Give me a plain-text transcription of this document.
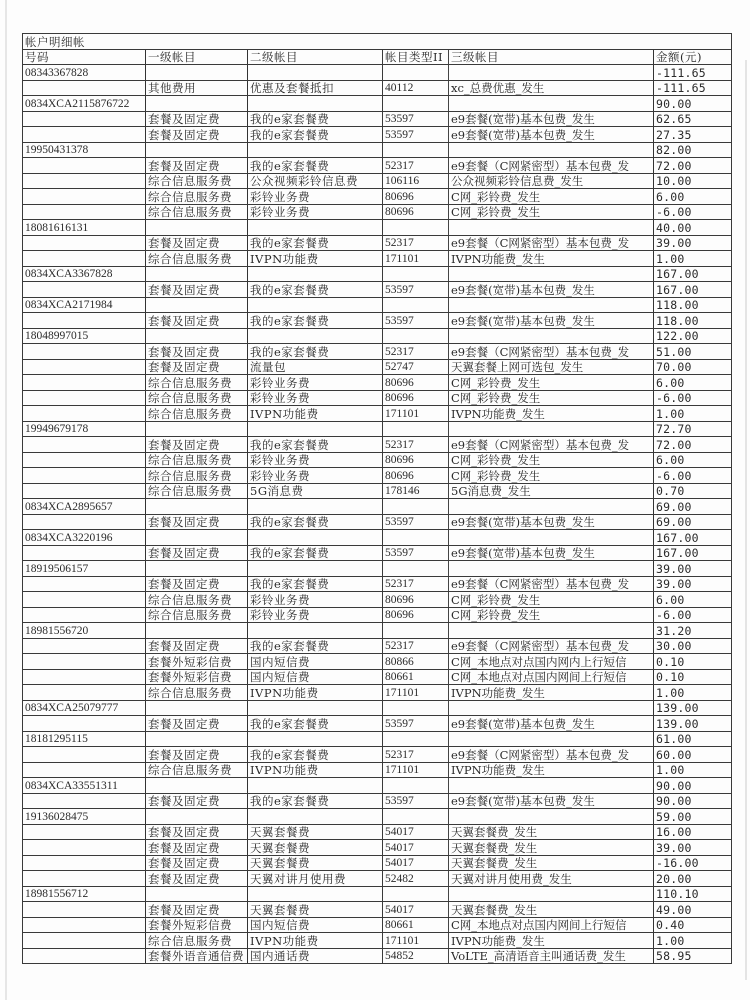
帐户明细帐					
号码	一级帐目	二级帐目	帐目类型II	三级帐目	金额(元)
08343367828					-111.65
	其他费用	优惠及套餐抵扣	40112	xc_总费优惠_发生	-111.65
0834XCA2115876722					90.00
	套餐及固定费	我的e家套餐费	53597	e9套餐(宽带)基本包费_发生	62.65
	套餐及固定费	我的e家套餐费	53597	e9套餐(宽带)基本包费_发生	27.35
19950431378					82.00
	套餐及固定费	我的e家套餐费	52317	e9套餐（C网紧密型）基本包费_发	72.00
	综合信息服务费	公众视频彩铃信息费	106116	公众视频彩铃信息费_发生	10.00
	综合信息服务费	彩铃业务费	80696	C网_彩铃费_发生	6.00
	综合信息服务费	彩铃业务费	80696	C网_彩铃费_发生	-6.00
18081616131					40.00
	套餐及固定费	我的e家套餐费	52317	e9套餐（C网紧密型）基本包费_发	39.00
	综合信息服务费	IVPN功能费	171101	IVPN功能费_发生	1.00
0834XCA3367828					167.00
	套餐及固定费	我的e家套餐费	53597	e9套餐(宽带)基本包费_发生	167.00
0834XCA2171984					118.00
	套餐及固定费	我的e家套餐费	53597	e9套餐(宽带)基本包费_发生	118.00
18048997015					122.00
	套餐及固定费	我的e家套餐费	52317	e9套餐（C网紧密型）基本包费_发	51.00
	套餐及固定费	流量包	52747	天翼套餐上网可选包_发生	70.00
	综合信息服务费	彩铃业务费	80696	C网_彩铃费_发生	6.00
	综合信息服务费	彩铃业务费	80696	C网_彩铃费_发生	-6.00
	综合信息服务费	IVPN功能费	171101	IVPN功能费_发生	1.00
19949679178					72.70
	套餐及固定费	我的e家套餐费	52317	e9套餐（C网紧密型）基本包费_发	72.00
	综合信息服务费	彩铃业务费	80696	C网_彩铃费_发生	6.00
	综合信息服务费	彩铃业务费	80696	C网_彩铃费_发生	-6.00
	综合信息服务费	5G消息费	178146	5G消息费_发生	0.70
0834XCA2895657					69.00
	套餐及固定费	我的e家套餐费	53597	e9套餐(宽带)基本包费_发生	69.00
0834XCA3220196					167.00
	套餐及固定费	我的e家套餐费	53597	e9套餐(宽带)基本包费_发生	167.00
18919506157					39.00
	套餐及固定费	我的e家套餐费	52317	e9套餐（C网紧密型）基本包费_发	39.00
	综合信息服务费	彩铃业务费	80696	C网_彩铃费_发生	6.00
	综合信息服务费	彩铃业务费	80696	C网_彩铃费_发生	-6.00
18981556720					31.20
	套餐及固定费	我的e家套餐费	52317	e9套餐（C网紧密型）基本包费_发	30.00
	套餐外短彩信费	国内短信费	80866	C网_本地点对点国内网内上行短信	0.10
	套餐外短彩信费	国内短信费	80661	C网_本地点对点国内网间上行短信	0.10
	综合信息服务费	IVPN功能费	171101	IVPN功能费_发生	1.00
0834XCA25079777					139.00
	套餐及固定费	我的e家套餐费	53597	e9套餐(宽带)基本包费_发生	139.00
18181295115					61.00
	套餐及固定费	我的e家套餐费	52317	e9套餐（C网紧密型）基本包费_发	60.00
	综合信息服务费	IVPN功能费	171101	IVPN功能费_发生	1.00
0834XCA33551311					90.00
	套餐及固定费	我的e家套餐费	53597	e9套餐(宽带)基本包费_发生	90.00
19136028475					59.00
	套餐及固定费	天翼套餐费	54017	天翼套餐费_发生	16.00
	套餐及固定费	天翼套餐费	54017	天翼套餐费_发生	39.00
	套餐及固定费	天翼套餐费	54017	天翼套餐费_发生	-16.00
	套餐及固定费	天翼对讲月使用费	52482	天翼对讲月使用费_发生	20.00
18981556712					110.10
	套餐及固定费	天翼套餐费	54017	天翼套餐费_发生	49.00
	套餐外短彩信费	国内短信费	80661	C网_本地点对点国内网间上行短信	0.40
	综合信息服务费	IVPN功能费	171101	IVPN功能费_发生	1.00
	套餐外语音通信费	国内通话费	54852	VoLTE_高清语音主叫通话费_发生	58.95
